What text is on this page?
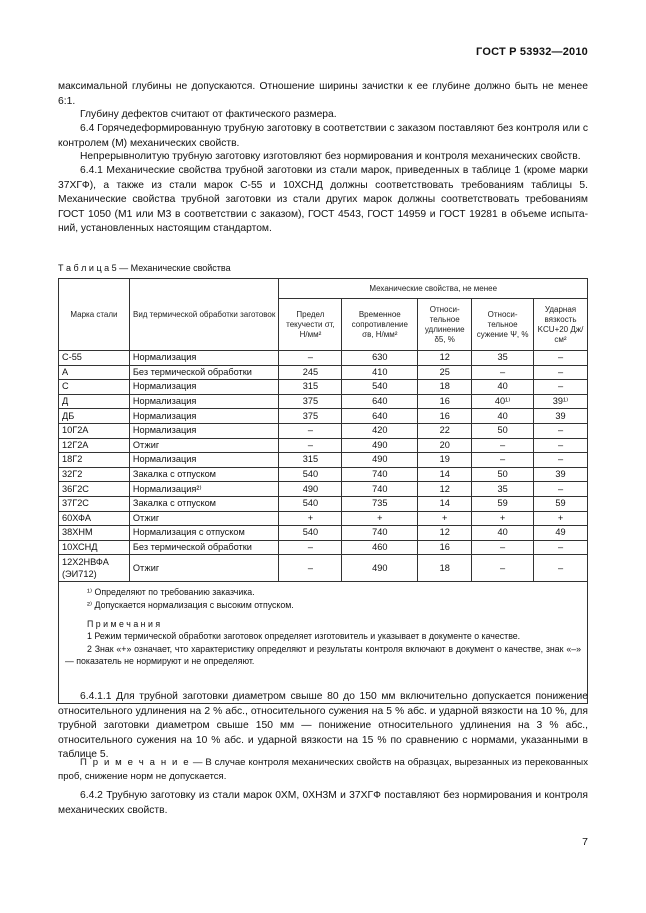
ГОСТ Р 53932—2010
максимальной глубины не допускаются. Отношение ширины зачистки к ее глубине должно быть не менее 6:1.
Глубину дефектов считают от фактического размера.
6.4 Горячедеформированную трубную заготовку в соответствии с заказом поставляют без контроля или с контролем (М) механических свойств.
Непрерывнолитую трубную заготовку изготовляют без нормирования и контроля механических свойств.
6.4.1 Механические свойства трубной заготовки из стали марок, приведенных в таблице 1 (кроме марки 37ХГФ), а также из стали марок С-55 и 10ХСНД должны соответствовать требованиям таблицы 5. Механические свойства трубной заготовки из стали других марок должны соответствовать требованиям ГОСТ 1050 (М1 или М3 в соответствии с заказом), ГОСТ 4543, ГОСТ 14959 и ГОСТ 19281 в объеме испытаний, установленных настоящим стандартом.
Т а б л и ц а 5 — Механические свойства
Марка стали	Вид термической обработки заготовок	Механические свойства, не менее				
		Предел текучести σт, Н/мм²	Временное сопротивление σв, Н/мм²	Относительное удлинение δ5, %	Относительное сужение Ψ, %	Ударная вязкость KCU+20 Дж/см²
С-55	Нормализация	–	630	12	35	–
А	Без термической обработки	245	410	25	–	–
С	Нормализация	315	540	18	40	–
Д	Нормализация	375	640	16	40¹⁾	39¹⁾
ДБ	Нормализация	375	640	16	40	39
10Г2А	Нормализация	–	420	22	50	–
12Г2А	Отжиг	–	490	20	–	–
18Г2	Нормализация	315	490	19	–	–
32Г2	Закалка с отпуском	540	740	14	50	39
36Г2С	Нормализация²⁾	490	740	12	35	–
37Г2С	Закалка с отпуском	540	735	14	59	59
60ХФА	Отжиг	+	+	+	+	+
38ХНМ	Нормализация с отпуском	540	740	12	40	49
10ХСНД	Без термической обработки	–	460	16	–	–
12Х2НВФА
(ЭИ712)	Отжиг	–	490	18	–	–

¹⁾ Определяют по требованию заказчика.

²⁾ Допускается нормализация с высоким отпуском.

П р и м е ч а н и я

1 Режим термической обработки заготовок определяет изготовитель и указывает в документе о качестве.

2 Знак «+» означает, что характеристику определяют и результаты контроля включают в документ о качестве, знак «–» — показатель не нормируют и не определяют.						

6.4.1.1 Для трубной заготовки диаметром свыше 80 до 150 мм включительно допускается понижение относительного удлинения на 2 % абс., относительного сужения на 5 % абс. и ударной вязкости на 10 %, для трубной заготовки диаметром свыше 150 мм — понижение относительного удлинения на 3 % абс., относительного сужения на 10 % абс. и ударной вязкости на 15 % по сравнению с нормами, указанными в таблице 5.
П р и м е ч а н и е — В случае контроля механических свойств на образцах, вырезанных из перекованных проб, снижение норм не допускается.
6.4.2 Трубную заготовку из стали марок 0ХМ, 0ХН3М и 37ХГФ поставляют без нормирования и контроля механических свойств.
7
